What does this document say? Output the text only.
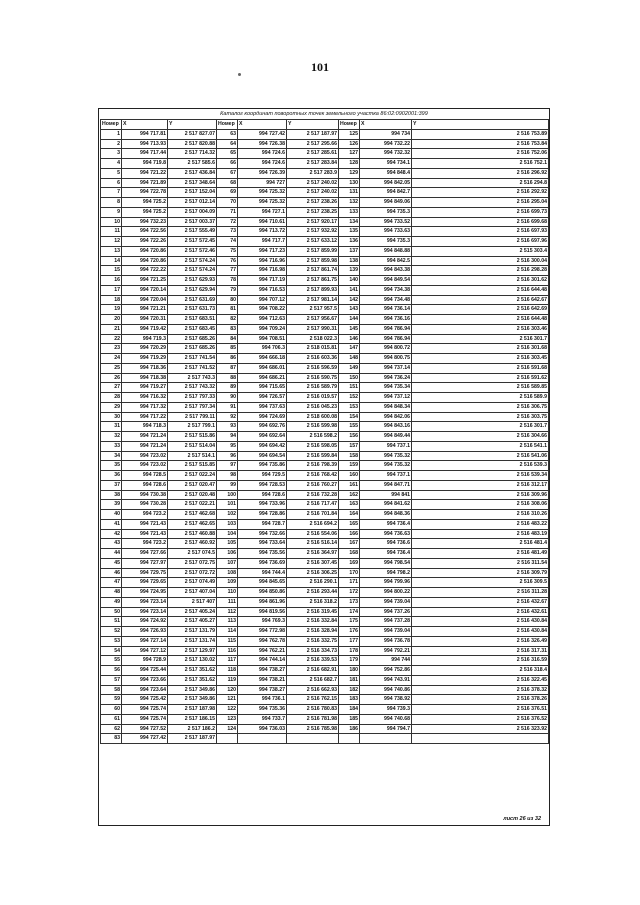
101
Каталог координат поворотных точек земельного участка 86:02:0902001:399
Номер	X	Y	Номер	X	Y	Номер	X	Y
1	994 717.81	2 517 827.07	63	994 727.42	2 517 187.97	125	994 734	2 516 753.89
2	994 713.93	2 517 820.88	64	994 726.38	2 517 295.66	126	994 732.22	2 516 753.84
3	994 717.44	2 517 714.32	65	994 724.6	2 517 285.61	127	994 732.32	2 516 752.06
4	994 719.8	2 517 585.6	66	994 724.6	2 517 283.84	128	994 734.1	2 516 752.1
5	994 721.22	2 517 436.84	67	994 726.39	2 517 283.9	129	994 848.4	2 516 296.92
6	994 721.89	2 517 348.64	68	994 727	2 517 240.02	130	994 842.05	2 516 294.8
7	994 722.78	2 517 152.04	69	994 725.32	2 517 240.02	131	994 842.7	2 516 292.92
8	994 725.2	2 517 012.14	70	994 725.32	2 517 238.26	132	994 849.06	2 516 295.04
9	994 725.2	2 517 004.09	71	994 727.1	2 517 238.25	133	994 735.3	2 516 699.73
10	994 732.23	2 517 003.37	72	994 710.61	2 517 920.17	134	994 733.52	2 516 699.68
11	994 722.56	2 517 555.49	73	994 713.72	2 517 932.92	135	994 733.63	2 516 697.93
12	994 722.26	2 517 572.45	74	994 717.7	2 517 633.12	136	994 735.3	2 516 697.96
13	994 720.86	2 517 572.46	75	994 717.23	2 517 859.99	137	994 848.88	2 515 303.4
14	994 720.86	2 517 574.24	76	994 716.96	2 517 859.98	138	994 842.5	2 516 300.04
15	994 722.22	2 517 574.24	77	994 716.98	2 517 861.74	139	994 843.38	2 516 298.28
16	994 721.25	2 517 629.93	78	994 717.19	2 517 861.75	140	994 849.54	2 516 301.62
17	994 720.14	2 517 629.94	79	994 716.53	2 517 899.93	141	994 734.38	2 516 644.48
18	994 720.04	2 517 631.69	80	994 707.12	2 517 981.14	142	994 734.48	2 516 642.67
19	994 721.21	2 517 631.73	81	994 708.22	2 517 957.5	143	994 736.14	2 516 642.69
20	994 720.31	2 517 683.51	82	994 712.63	2 517 956.67	144	994 736.16	2 516 644.48
21	994 719.42	2 517 683.45	83	994 709.24	2 517 990.31	145	994 786.94	2 516 303.46
22	994 719.3	2 517 685.26	84	994 708.51	2 518 022.3	146	994 786.94	2 516 301.7
23	994 720.29	2 517 685.26	85	994 706.3	2 518 015.81	147	994 800.72	2 516 301.68
24	994 719.29	2 517 741.54	86	994 666.18	2 516 603.36	148	994 800.75	2 516 303.45
25	994 718.36	2 517 741.52	87	994 686.01	2 516 596.59	149	994 737.14	2 516 591.68
26	994 718.38	2 517 743.3	88	994 686.21	2 516 590.75	150	994 736.24	2 516 591.62
27	994 719.27	2 517 743.32	89	994 715.65	2 516 589.79	151	994 735.34	2 516 589.85
28	994 716.32	2 517 797.33	90	994 726.57	2 516 019.57	152	994 737.12	2 516 589.9
29	994 717.32	2 517 797.34	91	994 737.63	2 516 045.23	153	994 848.34	2 516 306.75
30	994 717.22	2 517 799.11	92	994 724.69	2 518 600.08	154	994 842.06	2 516 303.75
31	994 718.3	2 517 799.1	93	994 692.76	2 516 599.98	155	994 843.16	2 516 301.7
32	994 721.24	2 517 515.86	94	994 692.64	2 516 598.2	156	994 849.44	2 516 304.66
33	994 721.24	2 517 514.04	95	994 694.42	2 516 598.05	157	994 737.1	2 516 541.1
34	994 723.02	2 517 514.1	96	994 694.54	2 516 599.84	158	994 735.32	2 516 541.06
35	994 723.02	2 517 515.85	97	994 735.86	2 516 798.39	159	994 735.32	2 516 539.3
36	994 728.5	2 517 022.24	98	994 729.5	2 516 768.42	160	994 737.1	2 516 539.34
37	994 728.6	2 517 020.47	99	994 728.53	2 516 760.27	161	994 847.71	2 516 312.17
38	994 730.38	2 517 020.48	100	994 728.6	2 516 732.28	162	994 841	2 516 309.96
39	994 730.28	2 517 022.21	101	994 733.96	2 516 717.47	163	994 841.62	2 516 308.06
40	994 723.2	2 517 462.68	102	994 728.86	2 516 701.84	164	994 848.36	2 516 310.26
41	994 721.43	2 517 462.65	103	994 728.7	2 516 694.2	165	994 736.4	2 516 483.22
42	994 721.43	2 517 460.88	104	994 732.66	2 516 554.06	166	994 736.63	2 516 483.19
43	994 723.2	2 517 460.92	105	994 733.64	2 516 516.14	167	994 736.6	2 516 481.4
44	994 727.66	2 517 074.5	106	994 735.56	2 516 364.97	168	994 736.4	2 516 481.49
45	994 727.97	2 517 072.75	107	994 736.69	2 516 307.45	169	994 798.54	2 516 311.54
46	994 729.75	2 517 072.72	108	994 744.4	2 516 306.25	170	994 798.2	2 516 309.79
47	994 729.65	2 517 074.49	109	994 845.65	2 516 290.1	171	994 799.96	2 516 309.5
48	994 724.95	2 517 407.04	110	994 850.86	2 516 293.44	172	994 800.22	2 516 311.28
49	994 723.14	2 517 407	111	994 861.96	2 516 318.2	173	994 739.04	2 516 432.67
50	994 723.14	2 517 405.24	112	994 819.56	2 516 319.45	174	994 737.26	2 516 432.61
51	994 724.92	2 517 405.27	113	994 769.3	2 516 332.84	175	994 737.28	2 516 430.84
52	994 726.93	2 517 131.79	114	994 772.98	2 516 328.94	176	994 739.04	2 516 430.84
53	994 727.14	2 517 131.74	115	994 762.78	2 516 332.75	177	994 736.78	2 516 326.49
54	994 727.12	2 517 129.97	116	994 762.21	2 516 334.73	178	994 792.21	2 516 317.31
55	994 728.9	2 517 130.02	117	994 744.14	2 516 339.53	179	994 744	2 516 316.59
56	994 725.44	2 517 351.62	118	994 738.27	2 516 682.91	180	994 752.86	2 516 318.4
57	994 723.66	2 517 351.62	119	994 738.21	2 516 682.7	181	994 743.91	2 516 322.45
58	994 723.64	2 517 349.86	120	994 738.27	2 516 662.93	182	994 740.86	2 516 378.32
59	994 725.42	2 517 349.86	121	994 736.1	2 516 762.15	183	994 738.92	2 516 378.26
60	994 725.74	2 517 187.98	122	994 735.36	2 516 780.83	184	994 739.3	2 516 376.51
61	994 725.74	2 517 186.15	123	994 733.7	2 516 781.98	185	994 740.68	2 516 376.52
62	994 727.52	2 517 186.2	124	994 736.03	2 516 785.98	186	994 794.7	2 516 323.92
83	994 727.42	2 517 187.97						
лист 26 из 32
